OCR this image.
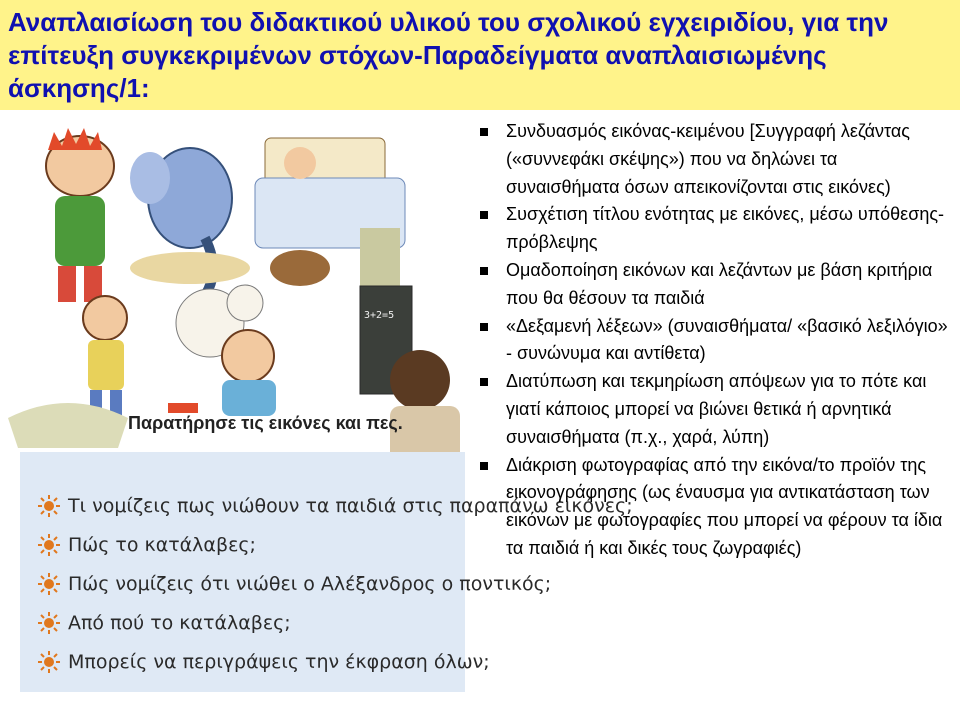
Αναπλαισίωση του διδακτικού υλικού του σχολικού εγχειριδίου, για την
επίτευξη συγκεκριμένων στόχων-Παραδείγματα αναπλαισιωμένης
άσκησης/1:
3+2=5
Παρατήρησε τις εικόνες και πες.
Τι νομίζεις πως νιώθουν τα παιδιά στις παραπάνω εικόνες;
Πώς το κατάλαβες;
Πώς νομίζεις ότι νιώθει ο Αλέξανδρος ο ποντικός;
Από πού το κατάλαβες;
Μπορείς να περιγράψεις την έκφραση όλων;
Συνδυασμός εικόνας-κειμένου [Συγγραφή λεζάντας («συννεφάκι σκέψης») που να δηλώνει τα συναισθήματα όσων απεικονίζονται στις εικόνες)
Συσχέτιση τίτλου ενότητας με εικόνες, μέσω υπόθεσης-πρόβλεψης
Ομαδοποίηση εικόνων και λεζάντων με βάση κριτήρια που θα θέσουν τα παιδιά
«Δεξαμενή λέξεων» (συναισθήματα/ «βασικό λεξιλόγιο» - συνώνυμα και αντίθετα)
Διατύπωση και τεκμηρίωση απόψεων για το πότε και γιατί κάποιος μπορεί να βιώνει θετικά ή αρνητικά συναισθήματα (π.χ., χαρά, λύπη)
Διάκριση φωτογραφίας από την εικόνα/το προϊόν της εικονογράφησης (ως έναυσμα για αντικατάσταση των εικόνων με φωτογραφίες που μπορεί να φέρουν τα ίδια τα παιδιά ή και δικές τους ζωγραφιές)
